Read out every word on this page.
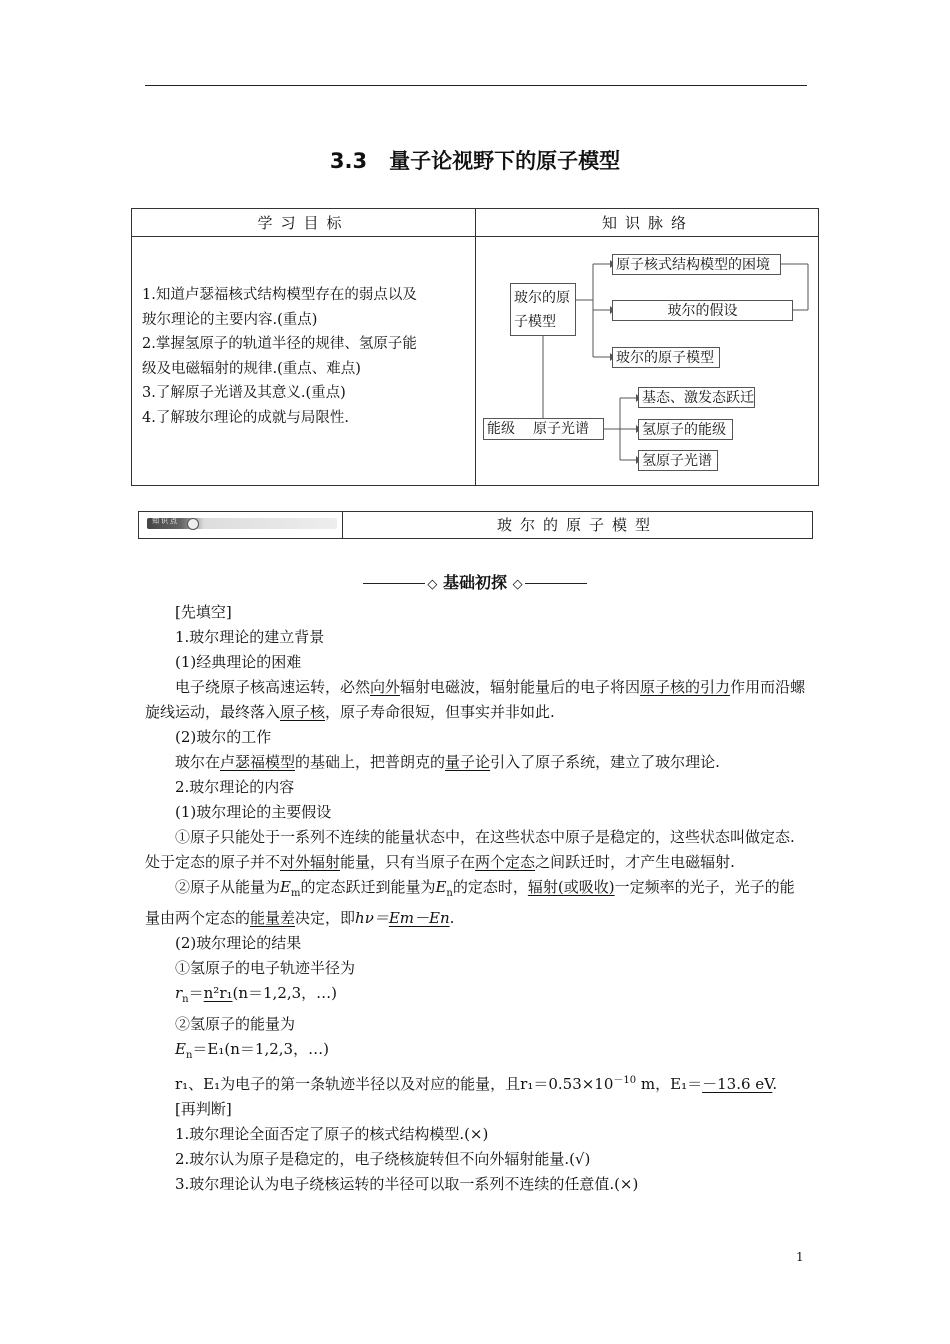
3.3 量子论视野下的原子模型
学习目标	知识脉络
1.知道卢瑟福核式结构模型存在的弱点以及
玻尔理论的主要内容.(重点)
2.掌握氢原子的轨道半径的规律、氢原子能
级及电磁辐射的规律.(重点、难点)
3.了解原子光谱及其意义.(重点)
4.了解玻尔理论的成就与局限性.
玻尔的原
子模型
原子核式结构模型的困境
玻尔的假设
玻尔的原子模型
能级 原子光谱
基态、激发态跃迁
氢原子的能级
氢原子光谱
知识点	玻尔的原子模型
◇ 基础初探 ◇
[先填空]
1.玻尔理论的建立背景
(1)经典理论的困难
电子绕原子核高速运转，必然向外辐射电磁波，辐射能量后的电子将因原子核的引力作用而沿螺旋线运动，最终落入原子核，原子寿命很短，但事实并非如此.
(2)玻尔的工作
玻尔在卢瑟福模型的基础上，把普朗克的量子论引入了原子系统，建立了玻尔理论.
2.玻尔理论的内容
(1)玻尔理论的主要假设
①原子只能处于一系列不连续的能量状态中，在这些状态中原子是稳定的，这些状态叫做定态.处于定态的原子并不对外辐射能量，只有当原子在两个定态之间跃迁时，才产生电磁辐射.
②原子从能量为$E_m$的定态跃迁到能量为$E_n$的定态时，辐射(或吸收)一定频率的光子，光子的能量由两个定态的能量差决定，即hν＝Em－En.
(2)玻尔理论的结果
①氢原子的电子轨迹半径为
$r_n=n^2r_1(n=1,2,3$，…)
②氢原子的能量为
$E_n=E_1(n=1,2,3$，…)
r₁、E₁为电子的第一条轨迹半径以及对应的能量，且$r_1=0.53\times 10^{-10}$ m，E₁＝－13.6 eV.
[再判断]
1.玻尔理论全面否定了原子的核式结构模型.(×)
2.玻尔认为原子是稳定的，电子绕核旋转但不向外辐射能量.(√)
3.玻尔理论认为电子绕核运转的半径可以取一系列不连续的任意值.(×)
1
